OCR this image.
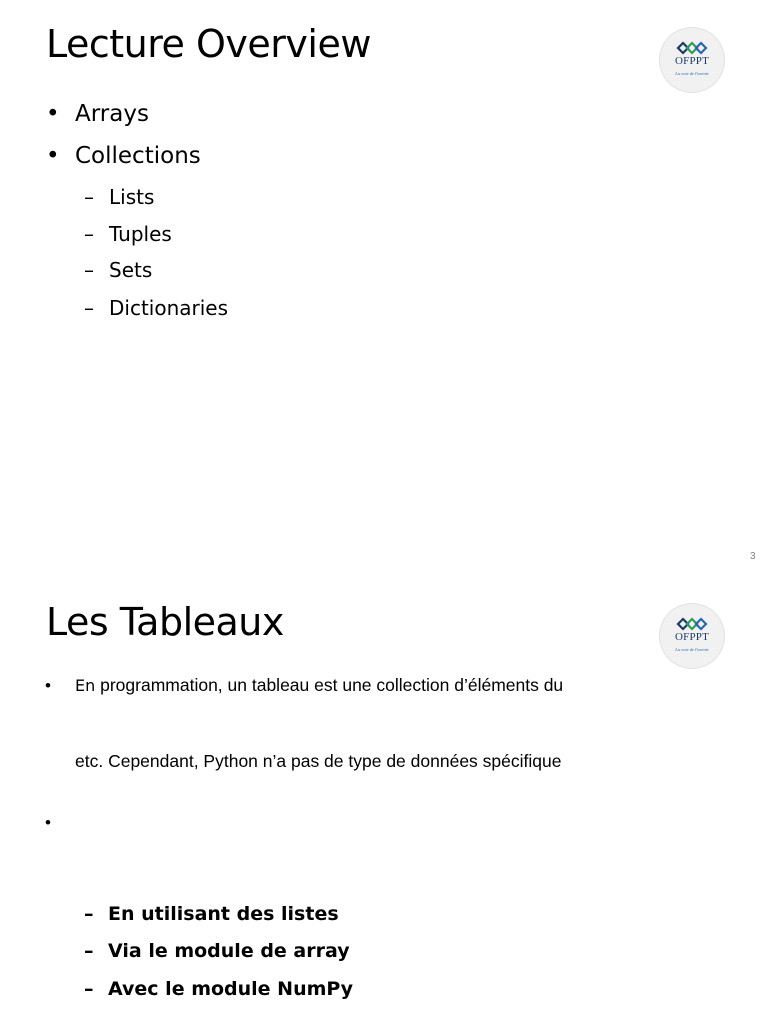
Lecture Overview	OFPPT
La voie de l'avenir
• Arrays
• Collections
– Lists
– Tuples
– Sets
– Dictionaries
3
Les Tableaux	OFPPT
La voie de l'avenir
• En programmation, un tableau est une collection d’éléments du
etc. Cependant, Python n’a pas de type de données spécifique
•
– En utilisant des listes
– Via le module de array
– Avec le module NumPy
